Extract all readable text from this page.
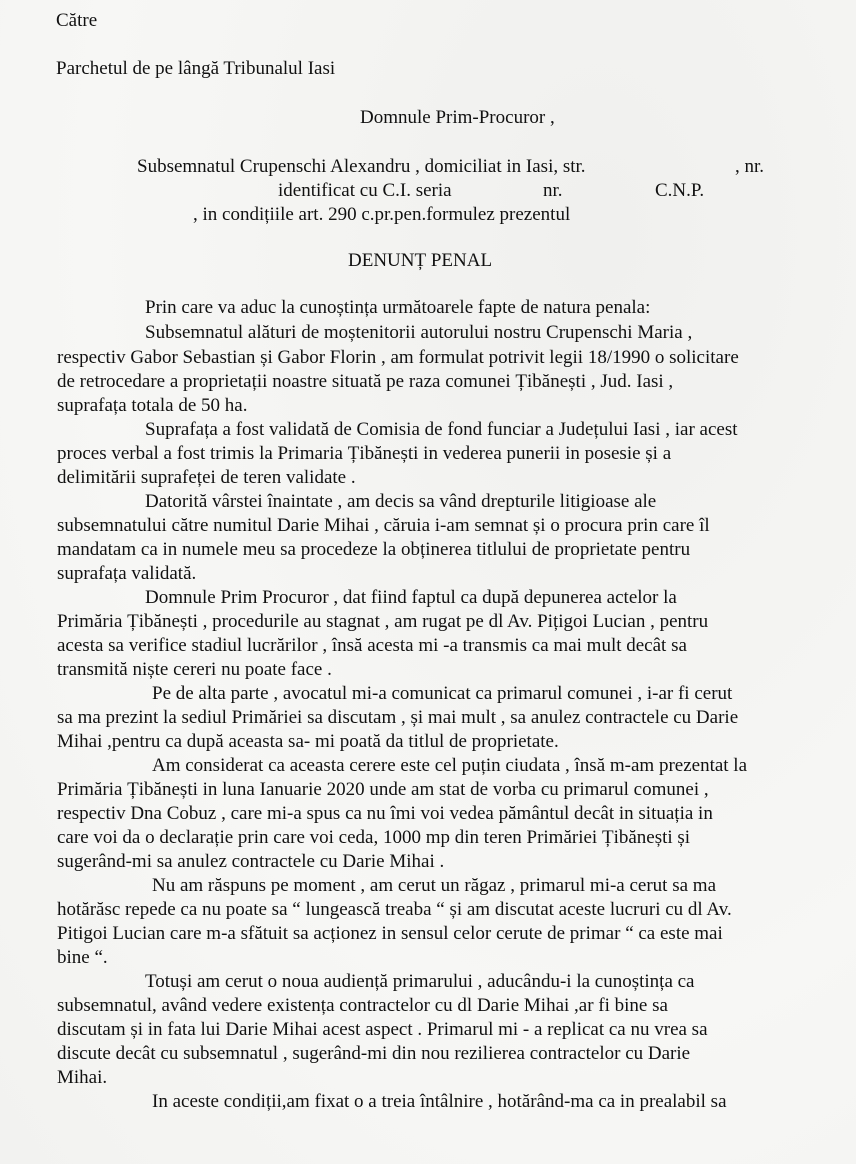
Către
Parchetul de pe lângă Tribunalul Iasi
Domnule Prim-Procuror ,
Subsemnatul Crupenschi Alexandru , domiciliat in Iasi, str.	, nr.
identificat cu C.I. seria	nr.	C.N.P.
, in condițiile art. 290 c.pr.pen.formulez prezentul
DENUNȚ PENAL
Prin care va aduc la cunoștința următoarele fapte de natura penala:
Subsemnatul alături de moștenitorii autorului nostru Crupenschi Maria ,
respectiv Gabor Sebastian și Gabor Florin , am formulat potrivit legii 18/1990 o solicitare
de retrocedare a proprietații noastre situată pe raza comunei Țibănești , Jud. Iasi ,
suprafața totala de 50 ha.
Suprafața a fost validată de Comisia de fond funciar a Județului Iasi , iar acest
proces verbal a fost trimis la Primaria Țibănești in vederea punerii in posesie și a
delimitării suprafeței de teren validate .
Datorită vârstei înaintate , am decis sa vând drepturile litigioase ale
subsemnatului către numitul Darie Mihai , căruia i-am semnat și o procura prin care îl
mandatam ca in numele meu sa procedeze la obținerea titlului de proprietate pentru
suprafața validată.
Domnule Prim Procuror , dat fiind faptul ca după depunerea actelor la
Primăria Țibănești , procedurile au stagnat , am rugat pe dl Av. Pițigoi Lucian , pentru
acesta sa verifice stadiul lucrărilor , însă acesta mi -a transmis ca mai mult decât sa
transmită niște cereri nu poate face .
Pe de alta parte , avocatul mi-a comunicat ca primarul comunei , i-ar fi cerut
sa ma prezint la sediul Primăriei sa discutam , și mai mult , sa anulez contractele cu Darie
Mihai ,pentru ca după aceasta sa- mi poată da titlul de proprietate.
Am considerat ca aceasta cerere este cel puțin ciudata , însă m-am prezentat la
Primăria Țibănești in luna Ianuarie 2020 unde am stat de vorba cu primarul comunei ,
respectiv Dna Cobuz , care mi-a spus ca nu îmi voi vedea pământul decât in situația in
care voi da o declarație prin care voi ceda, 1000 mp din teren Primăriei Țibănești și
sugerând-mi sa anulez contractele cu Darie Mihai .
Nu am răspuns pe moment , am cerut un răgaz , primarul mi-a cerut sa ma
hotărăsc repede ca nu poate sa “ lungească treaba “ și am discutat aceste lucruri cu dl Av.
Pitigoi Lucian care m-a sfătuit sa acționez in sensul celor cerute de primar “ ca este mai
bine “.
Totuși am cerut o noua audiență primarului , aducându-i la cunoștința ca
subsemnatul, având vedere existența contractelor cu dl Darie Mihai ,ar fi bine sa
discutam și in fata lui Darie Mihai acest aspect . Primarul mi - a replicat ca nu vrea sa
discute decât cu subsemnatul , sugerând-mi din nou rezilierea contractelor cu Darie
Mihai.
In aceste condiții,am fixat o a treia întâlnire , hotărând-ma ca in prealabil sa
